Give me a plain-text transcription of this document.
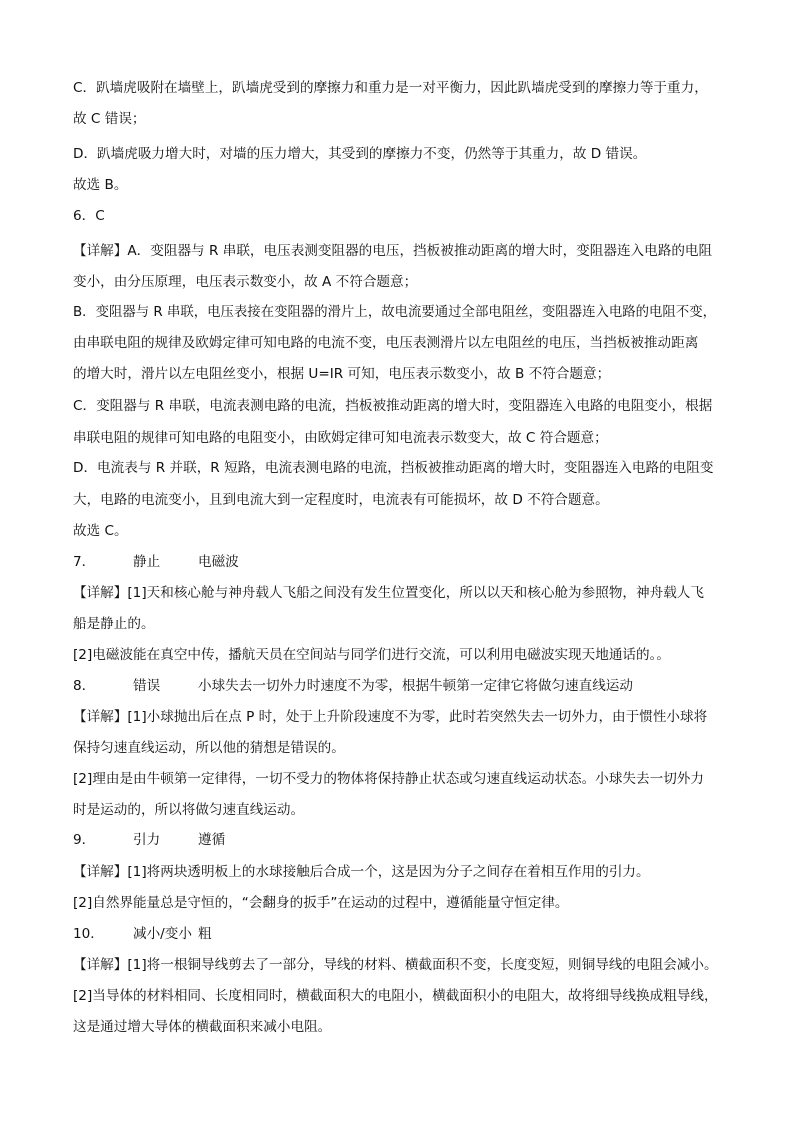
C．趴墙虎吸附在墙壁上，趴墙虎受到的摩擦力和重力是一对平衡力，因此趴墙虎受到的摩擦力等于重力，
故 C 错误；
D．趴墙虎吸力增大时，对墙的压力增大，其受到的摩擦力不变，仍然等于其重力，故 D 错误。
故选 B。
6．C
【详解】A．变阻器与 R 串联，电压表测变阻器的电压，挡板被推动距离的增大时，变阻器连入电路的电阻
变小，由分压原理，电压表示数变小，故 A 不符合题意；
B．变阻器与 R 串联，电压表接在变阻器的滑片上，故电流要通过全部电阻丝，变阻器连入电路的电阻不变，
由串联电阻的规律及欧姆定律可知电路的电流不变，电压表测滑片以左电阻丝的电压，当挡板被推动距离
的增大时，滑片以左电阻丝变小，根据 U=IR 可知，电压表示数变小，故 B 不符合题意；
C．变阻器与 R 串联，电流表测电路的电流，挡板被推动距离的增大时，变阻器连入电路的电阻变小，根据
串联电阻的规律可知电路的电阻变小，由欧姆定律可知电流表示数变大，故 C 符合题意；
D．电流表与 R 并联，R 短路，电流表测电路的电流，挡板被推动距离的增大时，变阻器连入电路的电阻变
大，电路的电流变小，且到电流大到一定程度时，电流表有可能损坏，故 D 不符合题意。
故选 C。
7．	静止	电磁波
【详解】[1]天和核心舱与神舟载人飞船之间没有发生位置变化，所以以天和核心舱为参照物，神舟载人飞
船是静止的。
[2]电磁波能在真空中传，播航天员在空间站与同学们进行交流，可以利用电磁波实现天地通话的。。
8．	错误	小球失去一切外力时速度不为零，根据牛顿第一定律它将做匀速直线运动
【详解】[1]小球抛出后在点 P 时，处于上升阶段速度不为零，此时若突然失去一切外力，由于惯性小球将
保持匀速直线运动，所以他的猜想是错误的。
[2]理由是由牛顿第一定律得，一切不受力的物体将保持静止状态或匀速直线运动状态。小球失去一切外力
时是运动的，所以将做匀速直线运动。
9．	引力	遵循
【详解】[1]将两块透明板上的水球接触后合成一个，这是因为分子之间存在着相互作用的引力。
[2]自然界能量总是守恒的，“会翻身的扳手”在运动的过程中，遵循能量守恒定律。
10． 减小/变小 粗
【详解】[1]将一根铜导线剪去了一部分，导线的材料、横截面积不变，长度变短，则铜导线的电阻会减小。
[2]当导体的材料相同、长度相同时，横截面积大的电阻小，横截面积小的电阻大，故将细导线换成粗导线，
这是通过增大导体的横截面积来减小电阻。
